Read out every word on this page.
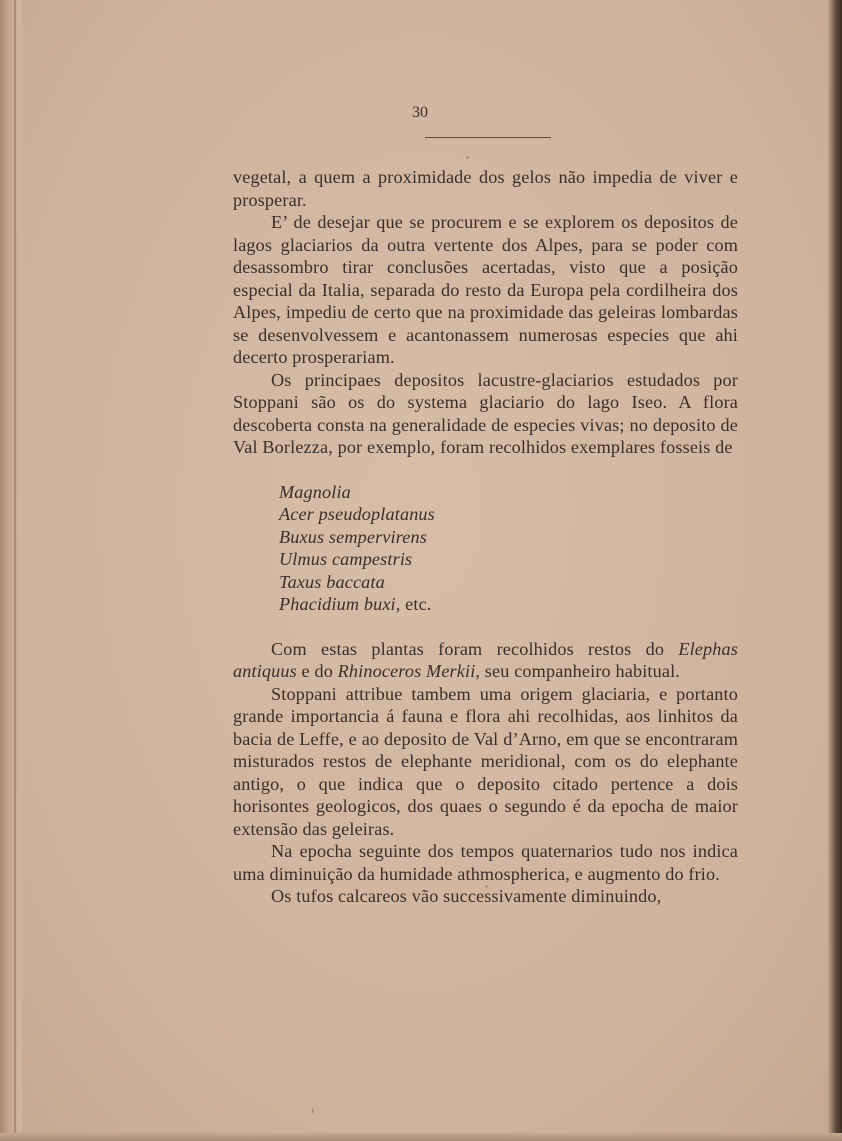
30

vegetal, a quem a proximidade dos gelos não impedia de viver e prosperar.

E’ de desejar que se procurem e se explorem os depositos de lagos glaciarios da outra vertente dos Alpes, para se poder com desassombro tirar conclusões acertadas, visto que a posição especial da Italia, separada do resto da Europa pela cordilheira dos Alpes, impediu de certo que na proximidade das geleiras lombardas se desenvolvessem e acantonassem numerosas especies que ahi decerto prosperariam.

Os principaes depositos lacustre-glaciarios estudados por Stoppani são os do systema glaciario do lago Iseo. A flora descoberta consta na generalidade de especies vivas; no deposito de Val Borlezza, por exemplo, foram recolhidos exemplares fosseis de

Magnolia
Acer pseudoplatanus
Buxus sempervirens
Ulmus campestris
Taxus baccata
Phacidium buxi, etc.

Com estas plantas foram recolhidos restos do Elephas antiquus e do Rhinoceros Merkii, seu companheiro habitual.

Stoppani attribue tambem uma origem glaciaria, e portanto grande importancia á fauna e flora ahi recolhidas, aos linhitos da bacia de Leffe, e ao deposito de Val d’Arno, em que se encontraram misturados restos de elephante meridional, com os do elephante antigo, o que indica que o deposito citado pertence a dois horisontes geologicos, dos quaes o segundo é da epocha de maior extensão das geleiras.

Na epocha seguinte dos tempos quaternarios tudo nos indica uma diminuição da humidade athmospherica, e augmento do frio.

Os tufos calcareos vão successivamente diminuindo,
